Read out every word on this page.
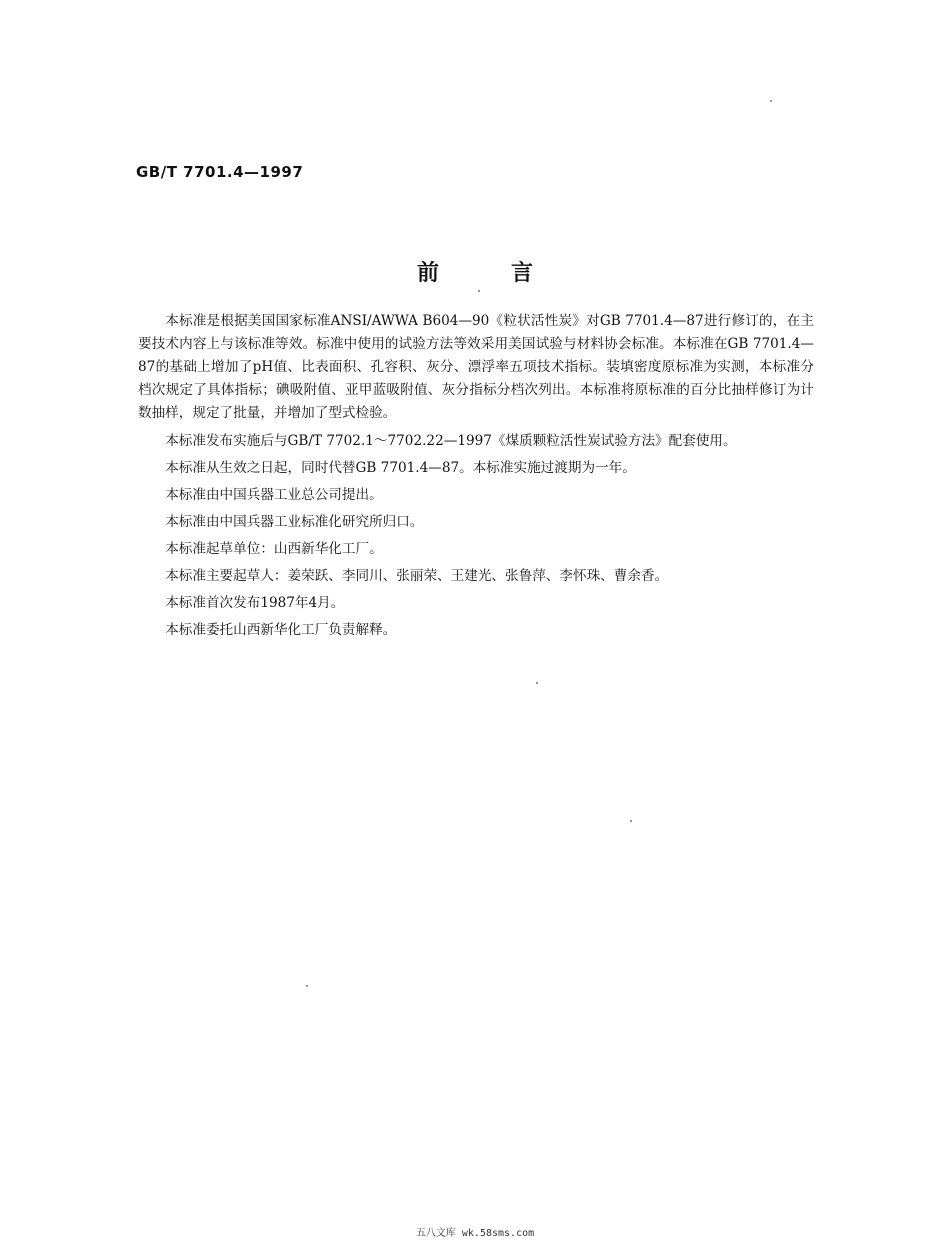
GB/T 7701.4—1997
前言

本标准是根据美国国家标准ANSI/AWWA B604—90《粒状活性炭》对GB 7701.4—87进行修订的，在主要技术内容上与该标准等效。标准中使用的试验方法等效采用美国试验与材料协会标准。本标准在GB 7701.4—87的基础上增加了pH值、比表面积、孔容积、灰分、漂浮率五项技术指标。装填密度原标准为实测，本标准分档次规定了具体指标；碘吸附值、亚甲蓝吸附值、灰分指标分档次列出。本标准将原标准的百分比抽样修订为计数抽样，规定了批量，并增加了型式检验。

本标准发布实施后与GB/T 7702.1～7702.22—1997《煤质颗粒活性炭试验方法》配套使用。

本标准从生效之日起，同时代替GB 7701.4—87。本标准实施过渡期为一年。

本标准由中国兵器工业总公司提出。

本标准由中国兵器工业标准化研究所归口。

本标准起草单位：山西新华化工厂。

本标准主要起草人：姜荣跃、李同川、张丽荣、王建光、张鲁萍、李怀珠、曹余香。

本标准首次发布1987年4月。

本标准委托山西新华化工厂负责解释。

五八文库 wk.58sms.com
